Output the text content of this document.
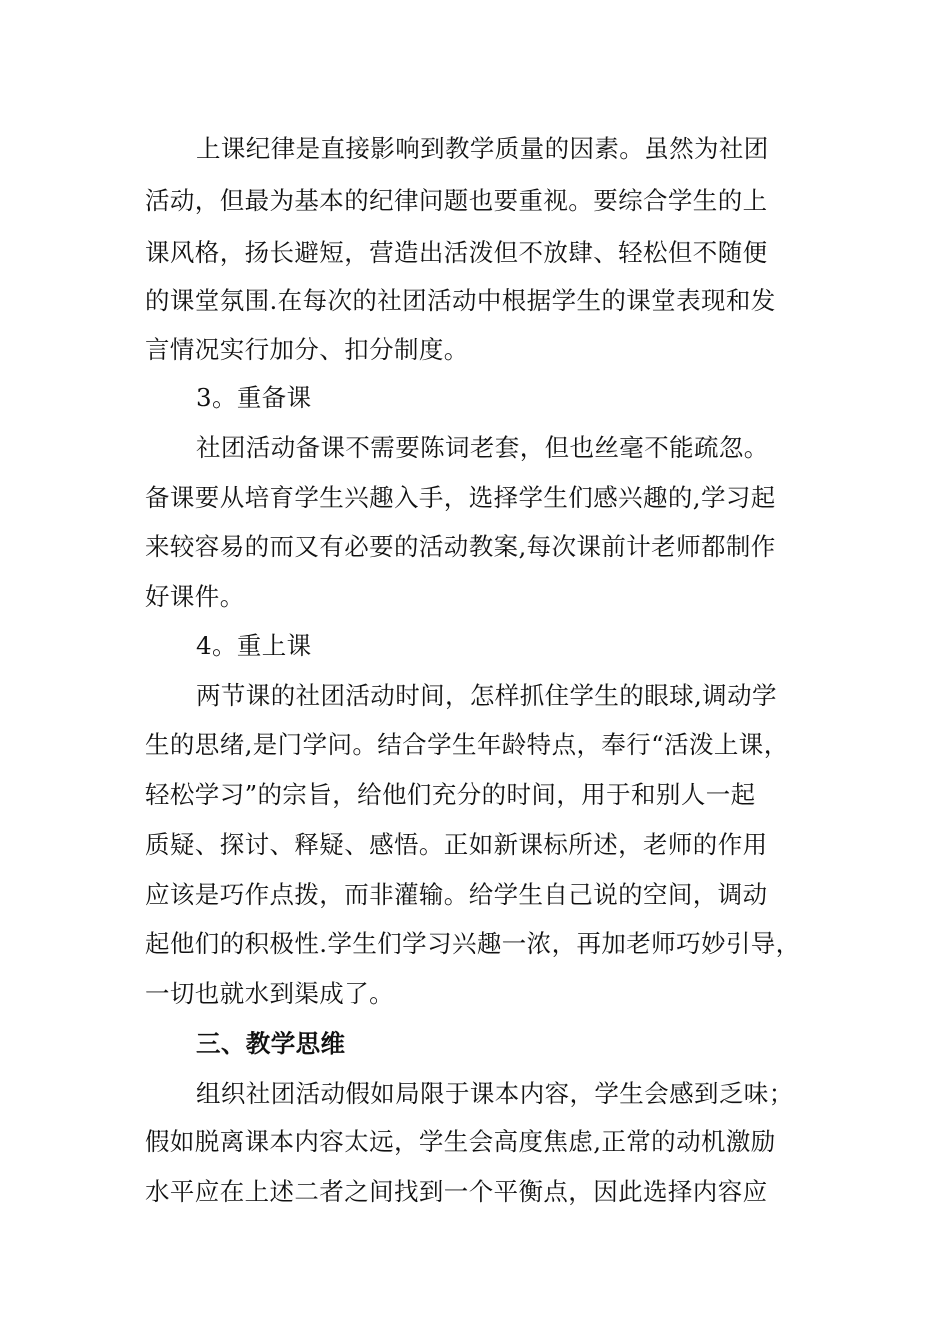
上课纪律是直接影响到教学质量的因素。虽然为社团
活动，但最为基本的纪律问题也要重视。要综合学生的上
课风格，扬长避短，营造出活泼但不放肆、轻松但不随便
的课堂氛围.在每次的社团活动中根据学生的课堂表现和发
言情况实行加分、扣分制度。
3。重备课
社团活动备课不需要陈词老套，但也丝毫不能疏忽。
备课要从培育学生兴趣入手，选择学生们感兴趣的,学习起
来较容易的而又有必要的活动教案,每次课前计老师都制作
好课件。
4。重上课
两节课的社团活动时间，怎样抓住学生的眼球,调动学
生的思绪,是门学问。结合学生年龄特点，奉行“活泼上课，
轻松学习”的宗旨，给他们充分的时间，用于和别人一起
质疑、探讨、释疑、感悟。正如新课标所述，老师的作用
应该是巧作点拨，而非灌输。给学生自己说的空间，调动
起他们的积极性.学生们学习兴趣一浓，再加老师巧妙引导，
一切也就水到渠成了。
三、教学思维
组织社团活动假如局限于课本内容，学生会感到乏味；
假如脱离课本内容太远，学生会高度焦虑,正常的动机激励
水平应在上述二者之间找到一个平衡点，因此选择内容应
